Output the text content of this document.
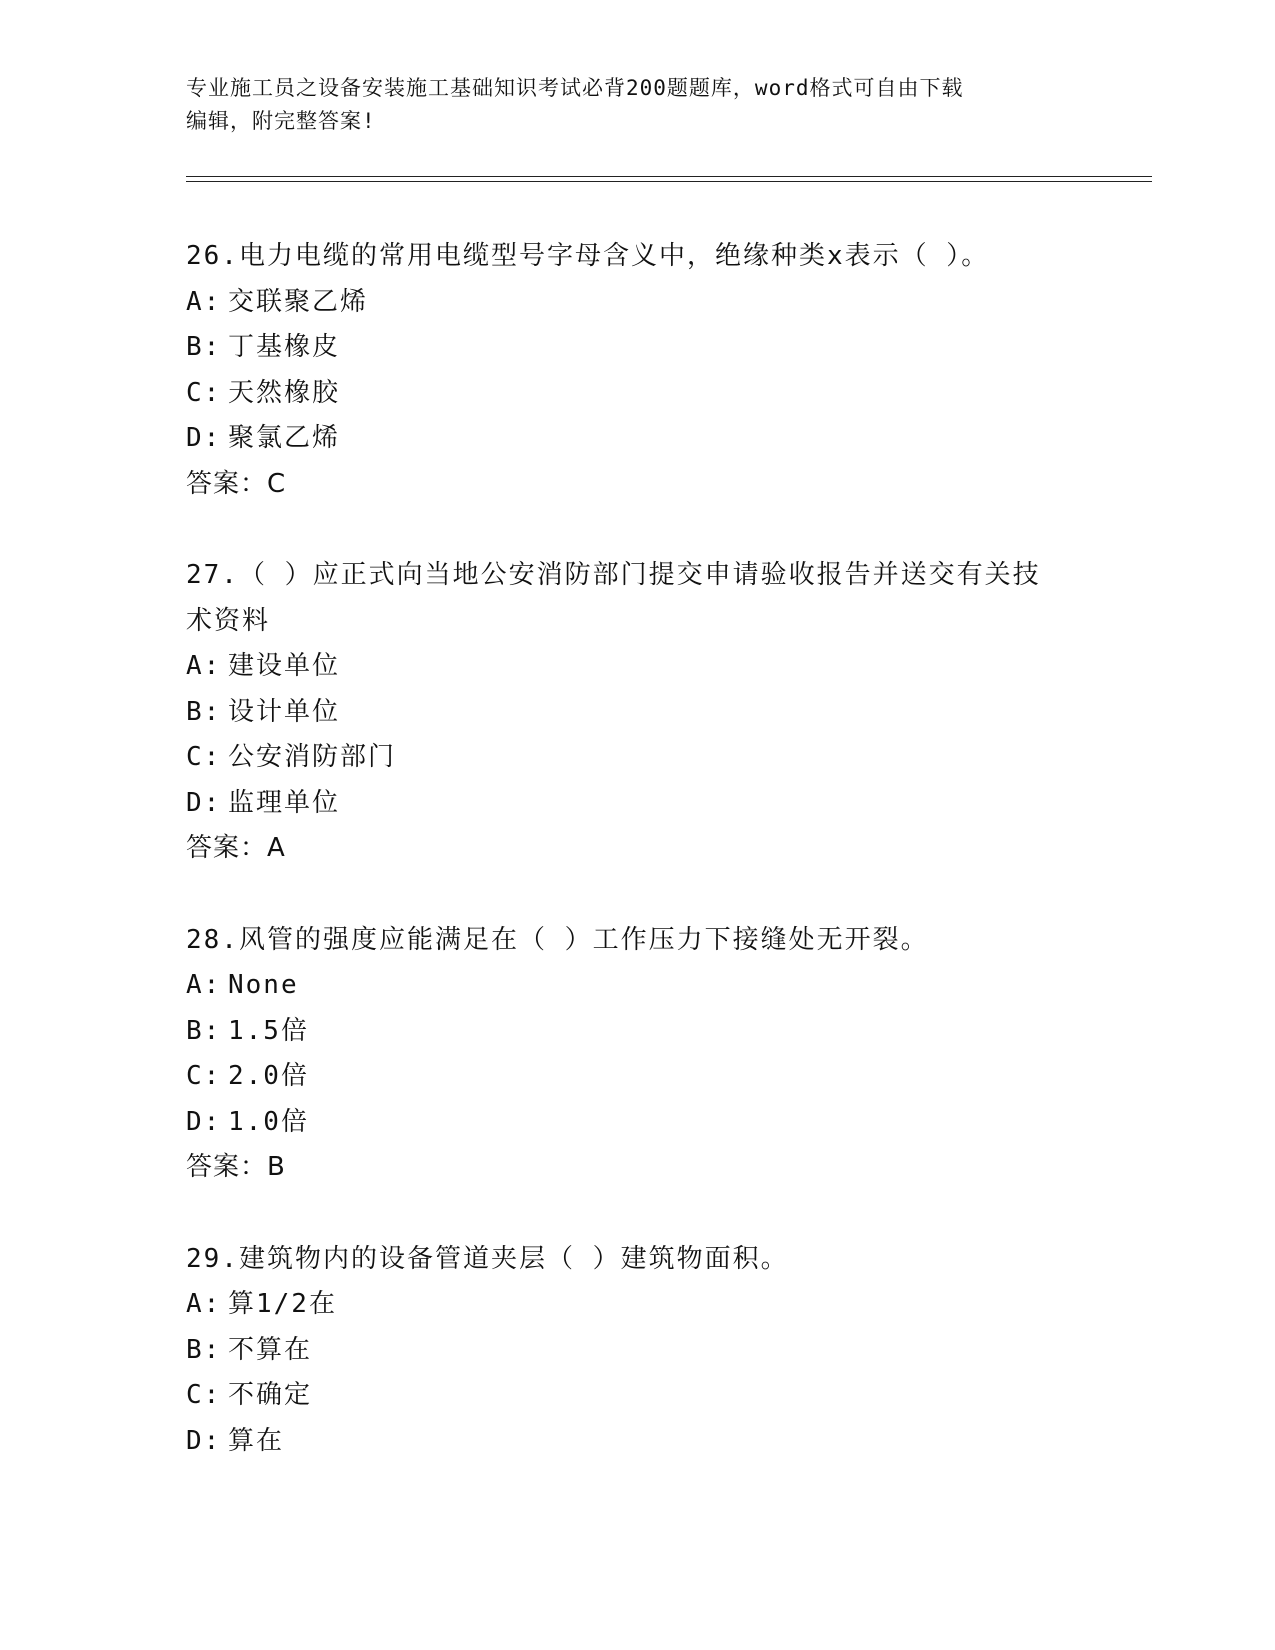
专业施工员之设备安装施工基础知识考试必背200题题库，word格式可自由下载
编辑，附完整答案!
26.电力电缆的常用电缆型号字母含义中，绝缘种类x表示（ ）。
A: 交联聚乙烯
B: 丁基橡皮
C: 天然橡胶
D: 聚氯乙烯
答案：C
27.（ ）应正式向当地公安消防部门提交申请验收报告并送交有关技术资料
A: 建设单位
B: 设计单位
C: 公安消防部门
D: 监理单位
答案：A
28.风管的强度应能满足在（ ）工作压力下接缝处无开裂。
A: None
B: 1.5倍
C: 2.0倍
D: 1.0倍
答案：B
29.建筑物内的设备管道夹层（ ）建筑物面积。
A: 算1/2在
B: 不算在
C: 不确定
D: 算在
